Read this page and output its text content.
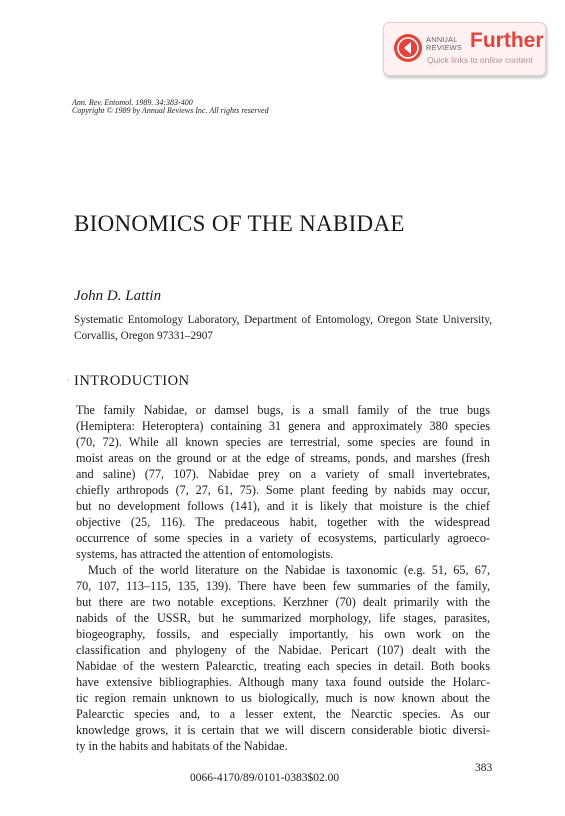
ANNUAL
REVIEWS Further
Quick links to online content
Ann. Rev. Entomol. 1989. 34:383-400
Copyright © 1989 by Annual Reviews Inc. All rights reserved
BIONOMICS OF THE NABIDAE
John D. Lattin
Systematic Entomology Laboratory, Department of Entomology, Oregon State University, Corvallis, Oregon 97331–2907
· INTRODUCTION
The family Nabidae, or damsel bugs, is a small family of the true bugs
(Hemiptera: Heteroptera) containing 31 genera and approximately 380 species
(70, 72). While all known species are terrestrial, some species are found in
moist areas on the ground or at the edge of streams, ponds, and marshes (fresh
and saline) (77, 107). Nabidae prey on a variety of small invertebrates,
chiefly arthropods (7, 27, 61, 75). Some plant feeding by nabids may occur,
but no development follows (141), and it is likely that moisture is the chief
objective (25, 116). The predaceous habit, together with the widespread
occurrence of some species in a variety of ecosystems, particularly agroeco-
systems, has attracted the attention of entomologists.
Much of the world literature on the Nabidae is taxonomic (e.g. 51, 65, 67,
70, 107, 113–115, 135, 139). There have been few summaries of the family,
but there are two notable exceptions. Kerzhner (70) dealt primarily with the
nabids of the USSR, but he summarized morphology, life stages, parasites,
biogeography, fossils, and especially importantly, his own work on the
classification and phylogeny of the Nabidae. Pericart (107) dealt with the
Nabidae of the western Palearctic, treating each species in detail. Both books
have extensive bibliographies. Although many taxa found outside the Holarc-
tic region remain unknown to us biologically, much is now known about the
Palearctic species and, to a lesser extent, the Nearctic species. As our
knowledge grows, it is certain that we will discern considerable biotic diversi-
ty in the habits and habitats of the Nabidae.
383
0066-4170/89/0101-0383$02.00
